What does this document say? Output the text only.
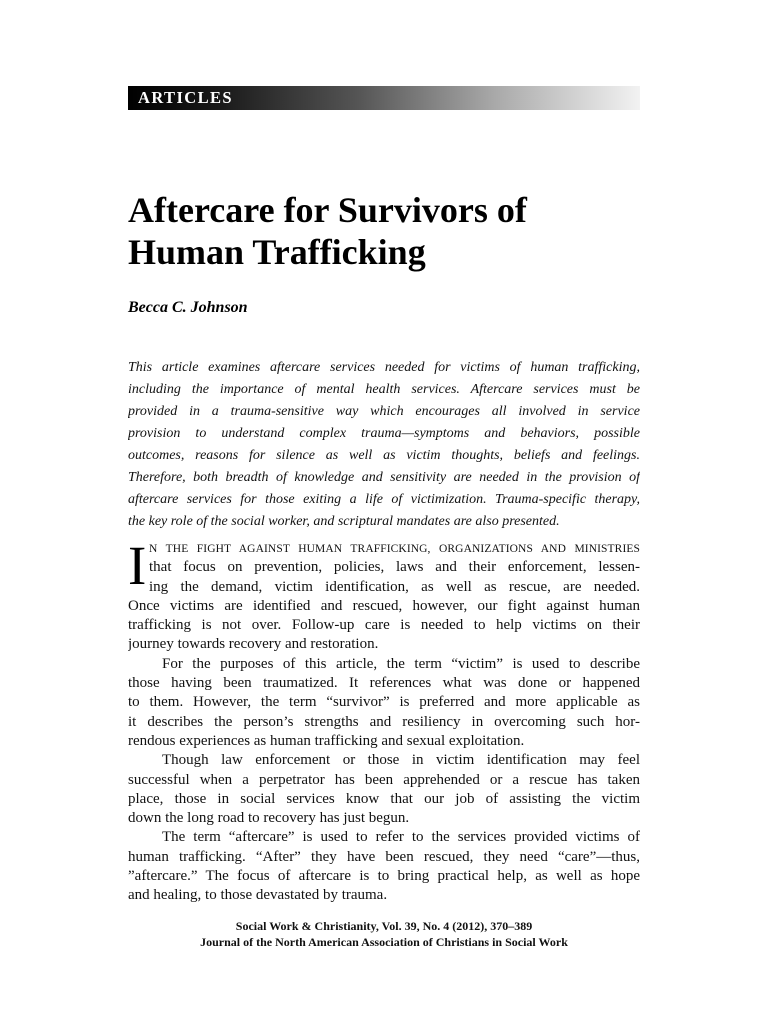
ARTICLES
Aftercare for Survivors of
Human Trafficking
Becca C. Johnson
This article examines aftercare services needed for victims of human trafficking,
including the importance of mental health services. Aftercare services must be
provided in a trauma-sensitive way which encourages all involved in service
provision to understand complex trauma—symptoms and behaviors, possible
outcomes, reasons for silence as well as victim thoughts, beliefs and feelings.
Therefore, both breadth of knowledge and sensitivity are needed in the provision of
aftercare services for those exiting a life of victimization. Trauma-specific therapy,
the key role of the social worker, and scriptural mandates are also presented.
I N THE FIGHT AGAINST HUMAN TRAFFICKING, ORGANIZATIONS AND MINISTRIES
that focus on prevention, policies, laws and their enforcement, lessen-
ing the demand, victim identification, as well as rescue, are needed.
Once victims are identified and rescued, however, our fight against human
trafficking is not over. Follow-up care is needed to help victims on their
journey towards recovery and restoration.
For the purposes of this article, the term “victim” is used to describe
those having been traumatized. It references what was done or happened
to them. However, the term “survivor” is preferred and more applicable as
it describes the person’s strengths and resiliency in overcoming such hor-
rendous experiences as human trafficking and sexual exploitation.
Though law enforcement or those in victim identification may feel
successful when a perpetrator has been apprehended or a rescue has taken
place, those in social services know that our job of assisting the victim
down the long road to recovery has just begun.
The term “aftercare” is used to refer to the services provided victims of
human trafficking. “After” they have been rescued, they need “care”—thus,
”aftercare.” The focus of aftercare is to bring practical help, as well as hope
and healing, to those devastated by trauma.
Social Work & Christianity, Vol. 39, No. 4 (2012), 370–389
Journal of the North American Association of Christians in Social Work
